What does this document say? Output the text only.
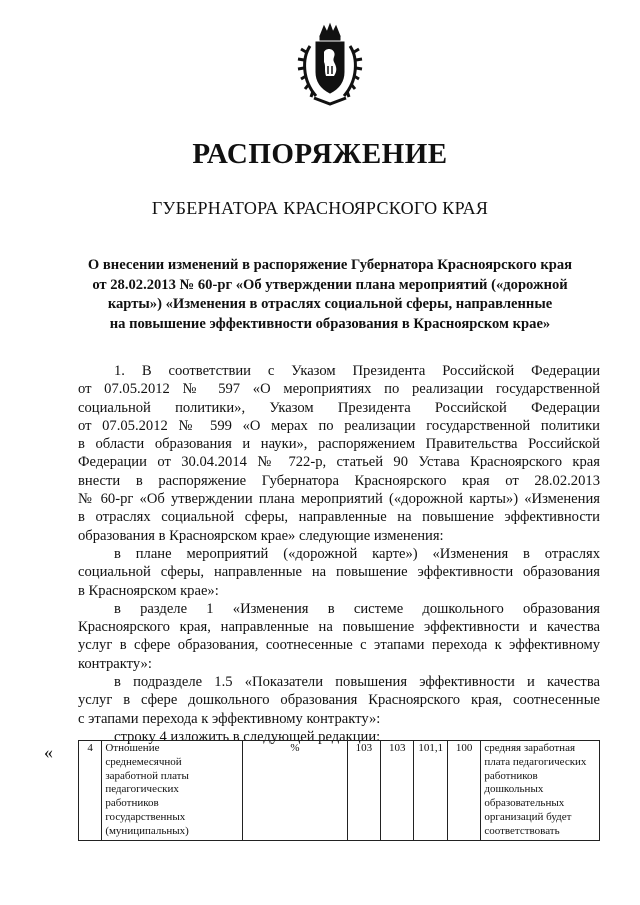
РАСПОРЯЖЕНИЕ
ГУБЕРНАТОРА КРАСНОЯРСКОГО КРАЯ
О внесении изменений в распоряжение Губернатора Красноярского края
от 28.02.2013 № 60-рг «Об утверждении плана мероприятий («дорожной
карты») «Изменения в отраслях социальной сферы, направленные
на повышение эффективности образования в Красноярском крае»
1. В соответствии с Указом Президента Российской Федерации
от 07.05.2012 № 597 «О мероприятиях по реализации государственной
социальной политики», Указом Президента Российской Федерации
от 07.05.2012 № 599 «О мерах по реализации государственной политики
в области образования и науки», распоряжением Правительства Российской
Федерации от 30.04.2014 № 722-р, статьей 90 Устава Красноярского края
внести в распоряжение Губернатора Красноярского края от 28.02.2013
№ 60-рг «Об утверждении плана мероприятий («дорожной карты») «Изменения
в отраслях социальной сферы, направленные на повышение эффективности
образования в Красноярском крае» следующие изменения:
в плане мероприятий («дорожной карте») «Изменения в отраслях
социальной сферы, направленные на повышение эффективности образования
в Красноярском крае»:
в разделе 1 «Изменения в системе дошкольного образования
Красноярского края, направленные на повышение эффективности и качества
услуг в сфере образования, соотнесенные с этапами перехода к эффективному
контракту»:
в подразделе 1.5 «Показатели повышения эффективности и качества
услуг в сфере дошкольного образования Красноярского края, соотнесенные
с этапами перехода к эффективному контракту»:
строку 4 изложить в следующей редакции:
«	4	Отношение
среднемесячной
заработной платы
педагогических
работников
государственных
(муниципальных)
	%	103	103	101,1	100	средняя заработная
плата педагогических
работников
дошкольных
образовательных
организаций будет
соответствовать
